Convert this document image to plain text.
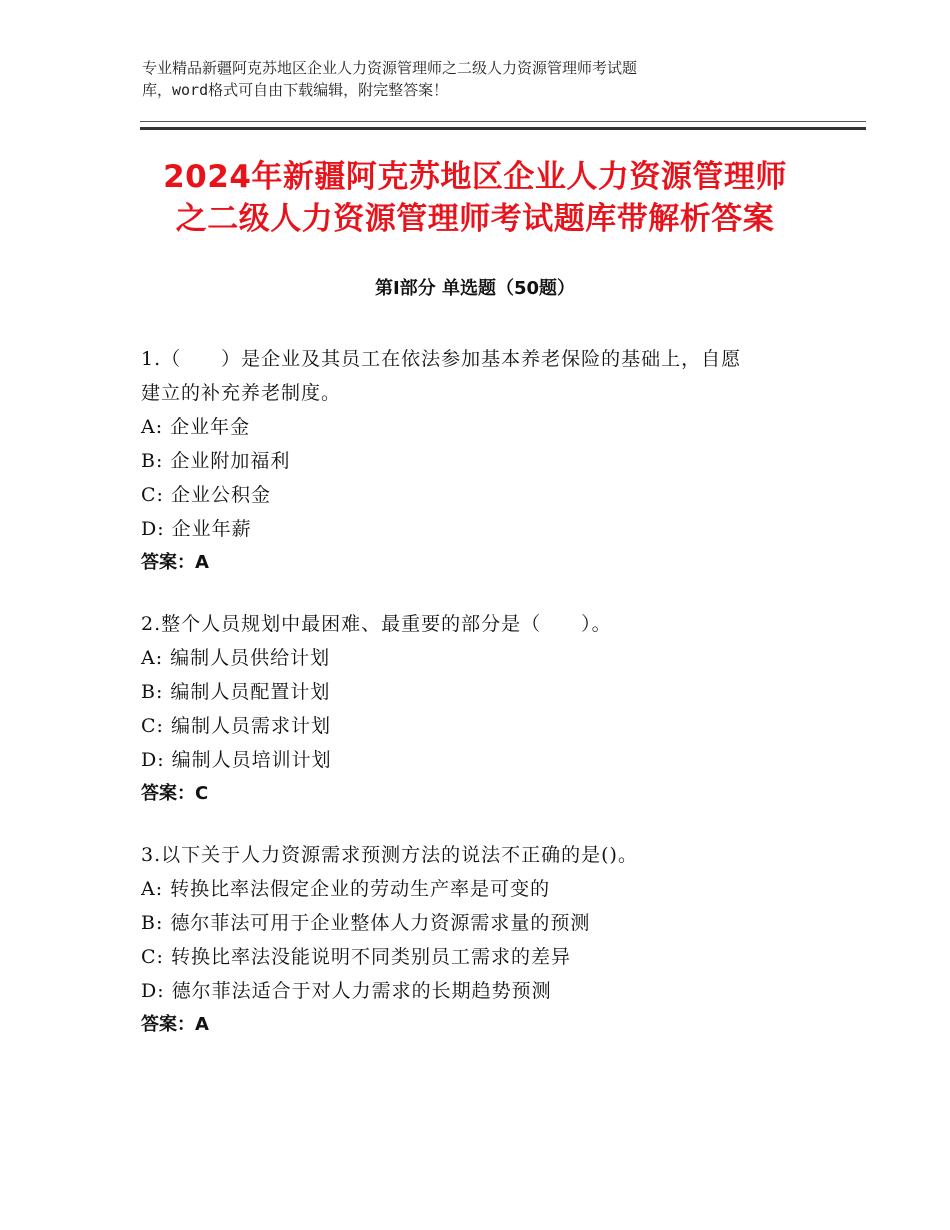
专业精品新疆阿克苏地区企业人力资源管理师之二级人力资源管理师考试题
库，word格式可自由下载编辑，附完整答案！
2024年新疆阿克苏地区企业人力资源管理师
之二级人力资源管理师考试题库带解析答案
第Ⅰ部分 单选题（50题）

1.（　　）是企业及其员工在依法参加基本养老保险的基础上，自愿

建立的补充养老制度。

A: 企业年金

B: 企业附加福利

C: 企业公积金

D: 企业年薪

答案：A

2.整个人员规划中最困难、最重要的部分是（　　）。

A: 编制人员供给计划

B: 编制人员配置计划

C: 编制人员需求计划

D: 编制人员培训计划

答案：C

3.以下关于人力资源需求预测方法的说法不正确的是()。

A: 转换比率法假定企业的劳动生产率是可变的

B: 德尔菲法可用于企业整体人力资源需求量的预测

C: 转换比率法没能说明不同类别员工需求的差异

D: 德尔菲法适合于对人力需求的长期趋势预测

答案：A
